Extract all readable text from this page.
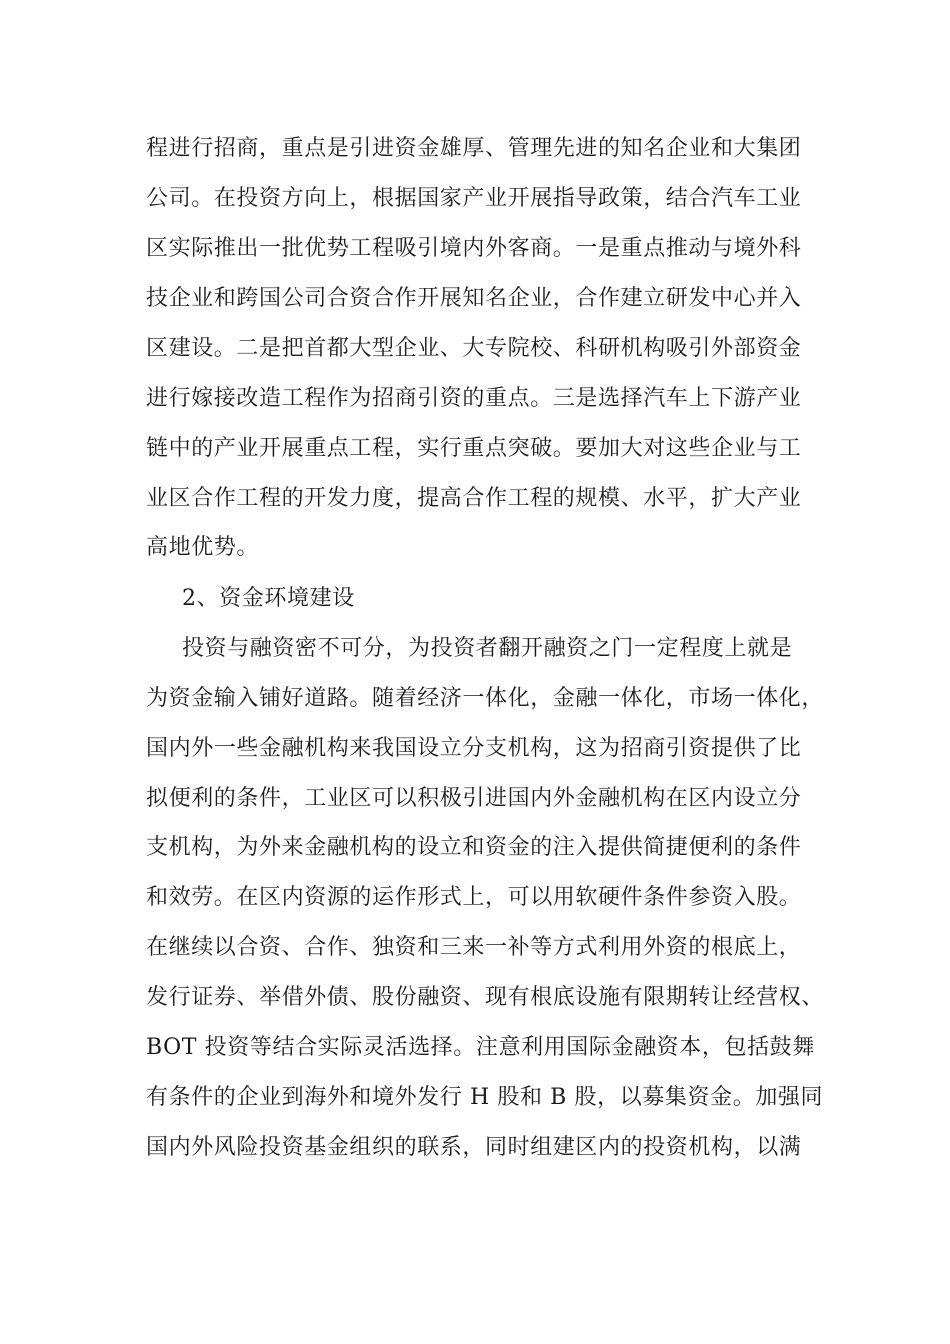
程进行招商，重点是引进资金雄厚、管理先进的知名企业和大集团
公司。在投资方向上，根据国家产业开展指导政策，结合汽车工业
区实际推出一批优势工程吸引境内外客商。一是重点推动与境外科
技企业和跨国公司合资合作开展知名企业，合作建立研发中心并入
区建设。二是把首都大型企业、大专院校、科研机构吸引外部资金
进行嫁接改造工程作为招商引资的重点。三是选择汽车上下游产业
链中的产业开展重点工程，实行重点突破。要加大对这些企业与工
业区合作工程的开发力度，提高合作工程的规模、水平，扩大产业
高地优势。
2、资金环境建设
投资与融资密不可分，为投资者翻开融资之门一定程度上就是
为资金输入铺好道路。随着经济一体化，金融一体化，市场一体化，
国内外一些金融机构来我国设立分支机构，这为招商引资提供了比
拟便利的条件，工业区可以积极引进国内外金融机构在区内设立分
支机构，为外来金融机构的设立和资金的注入提供简捷便利的条件
和效劳。在区内资源的运作形式上，可以用软硬件条件参资入股。
在继续以合资、合作、独资和三来一补等方式利用外资的根底上，
发行证券、举借外债、股份融资、现有根底设施有限期转让经营权、
BOT 投资等结合实际灵活选择。注意利用国际金融资本，包括鼓舞
有条件的企业到海外和境外发行 H 股和 B 股，以募集资金。加强同
国内外风险投资基金组织的联系，同时组建区内的投资机构，以满
